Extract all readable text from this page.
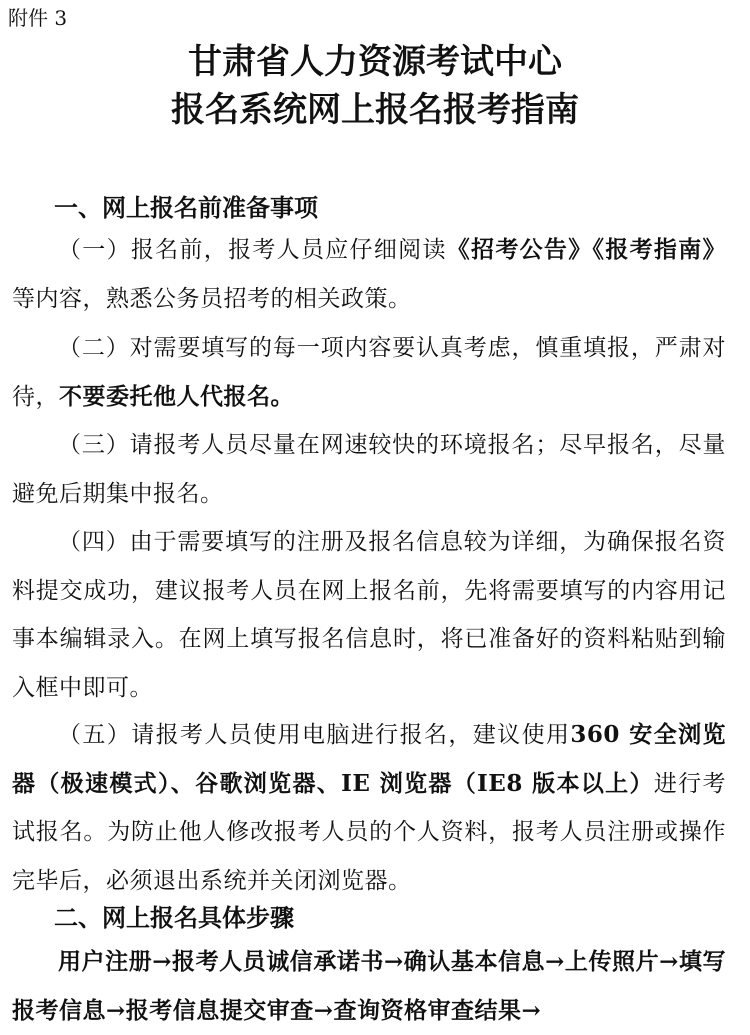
附件 3
甘肃省人力资源考试中心
报名系统网上报名报考指南
一、网上报名前准备事项

（一）报名前，报考人员应仔细阅读《招考公告》《报考指南》等内容，熟悉公务员招考的相关政策。

（二）对需要填写的每一项内容要认真考虑，慎重填报，严肃对待，不要委托他人代报名。

（三）请报考人员尽量在网速较快的环境报名；尽早报名，尽量避免后期集中报名。

（四）由于需要填写的注册及报名信息较为详细，为确保报名资料提交成功，建议报考人员在网上报名前，先将需要填写的内容用记事本编辑录入。在网上填写报名信息时，将已准备好的资料粘贴到输入框中即可。

（五）请报考人员使用电脑进行报名，建议使用360 安全浏览器（极速模式）、谷歌浏览器、IE 浏览器（IE8 版本以上）进行考试报名。为防止他人修改报考人员的个人资料，报考人员注册或操作完毕后，必须退出系统并关闭浏览器。

二、网上报名具体步骤

用户注册→报考人员诚信承诺书→确认基本信息→上传照片→填写报考信息→报考信息提交审查→查询资格审查结果→
